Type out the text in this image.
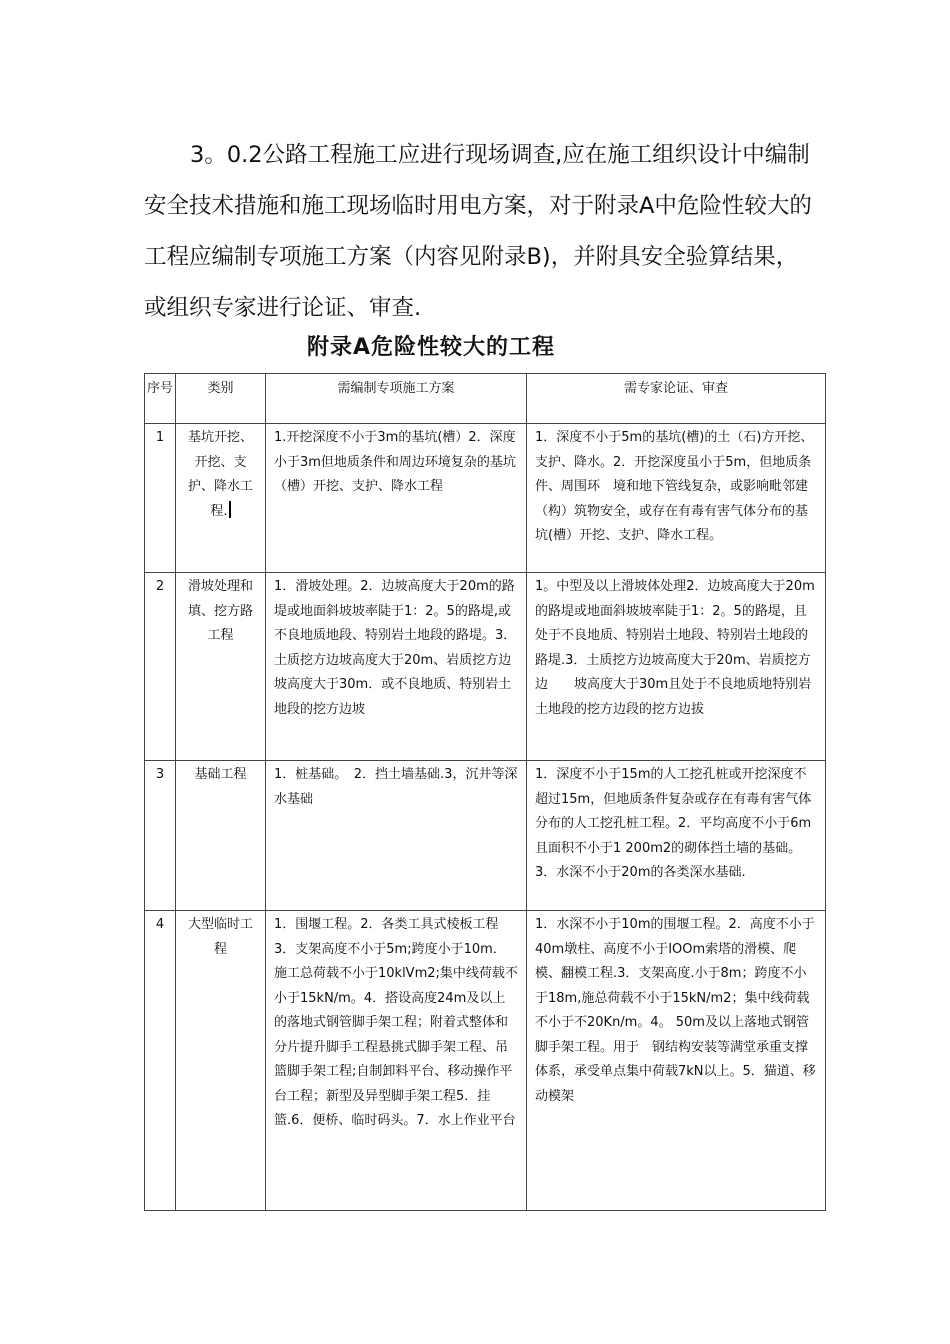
3。0.2公路工程施工应进行现场调查,应在施工组织设计中编制安全技术措施和施工现场临时用电方案，对于附录A中危险性较大的工程应编制专项施工方案（内容见附录B)，并附具安全验算结果，或组织专家进行论证、审查.

附录A危险性较大的工程
序号	类别	需编制专项施工方案	需专家论证、审查
1	基坑开挖、开挖、支护、降水工程.	1.开挖深度不小于3m的基坑(槽）2．深度小于3m但地质条件和周边环境复杂的基坑（槽）开挖、支护、降水工程	1．深度不小于5m的基坑(槽)的土（石)方开挖、支护、降水。2．开挖深度虽小于5m，但地质条件、周围环　境和地下管线复杂，或影响毗邻建（构）筑物安全，或存在有毒有害气体分布的基坑(槽）开挖、支护、降水工程。
2	滑坡处理和填、挖方路工程	1．滑坡处理。2．边坡高度大于20m的路堤或地面斜坡坡率陡于1：2。5的路堤,或不良地质地段、特别岩土地段的路堤。3．土质挖方边坡高度大于20m、岩质挖方边坡高度大于30m．或不良地质、特别岩土地段的挖方边坡	1。中型及以上滑坡体处理2．边坡高度大于20m的路堤或地面斜坡坡率陡于1：2。5的路堤，且处于不良地质、特别岩土地段、特别岩土地段的路堤.3．土质挖方边坡高度大于20m、岩质挖方边　　坡高度大于30m且处于不良地质地特别岩土地段的挖方边段的挖方边拔
3	基础工程	1．桩基础。　2．挡土墙基础.3，沉井等深水基础	1．深度不小于15m的人工挖孔桩或开挖深度不超过15m，但地质条件复杂或存在有毒有害气体分布的人工挖孔桩工程。2．平均高度不小于6m且面积不小于1 200m2的砌体挡土墙的基础。3．水深不小于20m的各类深水基础.
4	大型临时工程	1．围堰工程。2．各类工具式棱板工程 3．支架高度不小于5m;跨度小于10m．施工总荷载不小于10klVm2;集中线荷载不小于15kN/m。4．搭设高度24m及以上的落地式钢管脚手架工程；附着式整体和分片提升脚手工程悬挑式脚手架工程、吊篮脚手架工程;自制卸料平台、移动操作平台工程；新型及异型脚手架工程5．挂篮.6．便桥、临时码头。7．水上作业平台	1．水深不小于10m的围堰工程。2．高度不小于40m墩柱、高度不小于IOOm索塔的滑模、爬模、翻模工程.3．支架高度.小于8m；跨度不小于18m,施总荷载不小于15kN/m2；集中线荷载不小于不20Kn/m。4。 50m及以上落地式钢管脚手架工程。用于　钢结构安装等满堂承重支撑体系，承受单点集中荷载7kN以上。5．猫道、移动模架
